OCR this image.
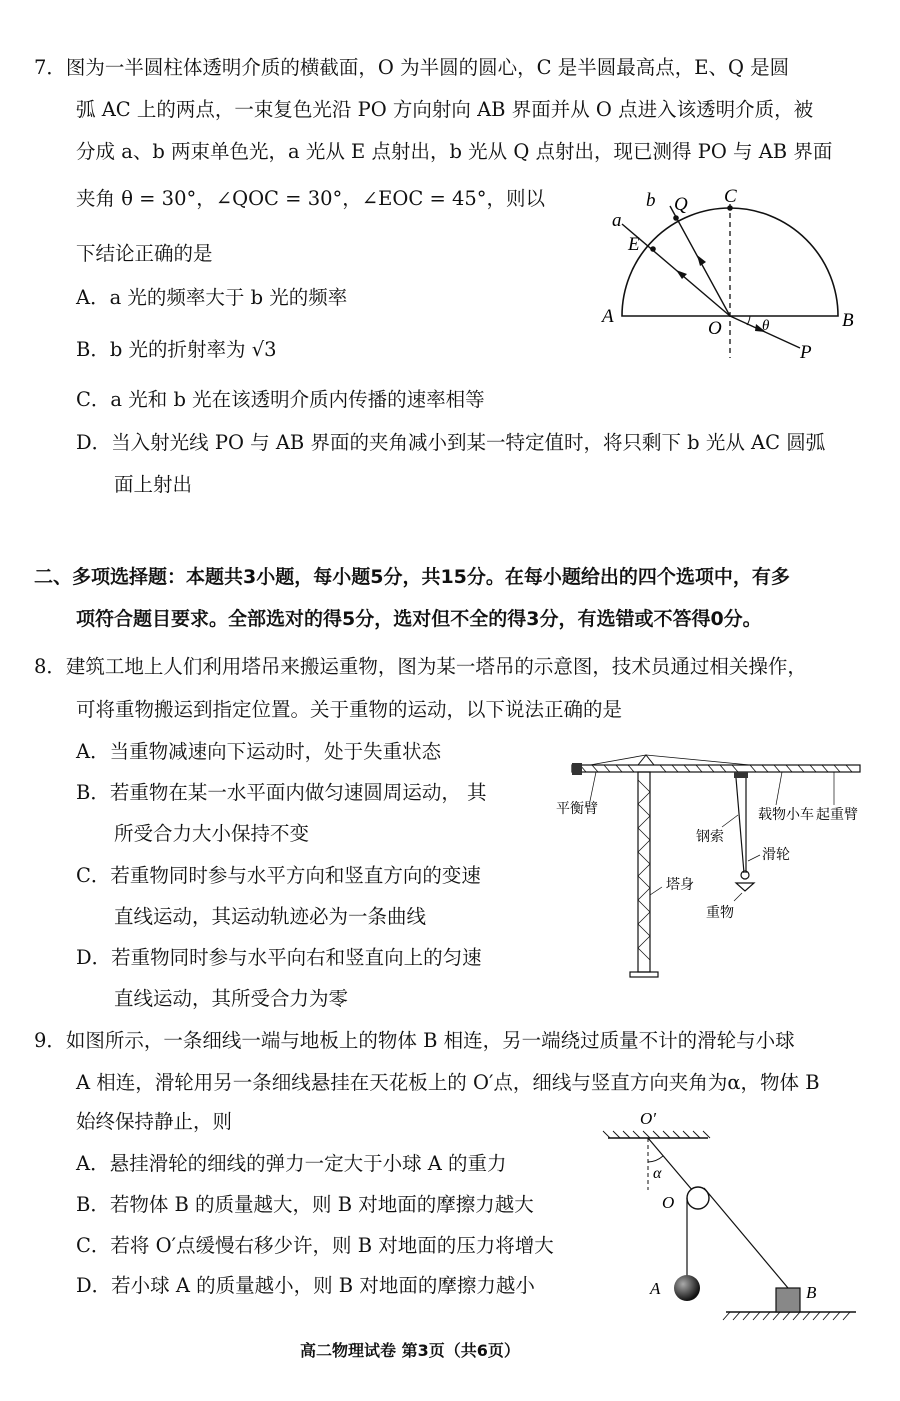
7．图为一半圆柱体透明介质的横截面，O 为半圆的圆心，C 是半圆最高点，E、Q 是圆
弧 AC 上的两点，一束复色光沿 PO 方向射向 AB 界面并从 O 点进入该透明介质，被
分成 a、b 两束单色光，a 光从 E 点射出，b 光从 Q 点射出，现已测得 PO 与 AB 界面
夹角 θ = 30°，∠QOC = 30°，∠EOC = 45°，则以
下结论正确的是
A．a 光的频率大于 b 光的频率
B．b 光的折射率为 √3
C．a 光和 b 光在该透明介质内传播的速率相等
D．当入射光线 PO 与 AB 界面的夹角减小到某一特定值时，将只剩下 b 光从 AC 圆弧
面上射出
a
b Q C
E
A
O	B
P
θ
二、多项选择题：本题共3小题，每小题5分，共15分。在每小题给出的四个选项中，有多
项符合题目要求。全部选对的得5分，选对但不全的得3分，有选错或不答得0分。
8．建筑工地上人们利用塔吊来搬运重物，图为某一塔吊的示意图，技术员通过相关操作，
可将重物搬运到指定位置。关于重物的运动，以下说法正确的是
A．当重物减速向下运动时，处于失重状态
B．若重物在某一水平面内做匀速圆周运动， 其
所受合力大小保持不变
C．若重物同时参与水平方向和竖直方向的变速
直线运动，其运动轨迹必为一条曲线
D．若重物同时参与水平向右和竖直向上的匀速
直线运动，其所受合力为零
平衡臂	载物小车 起重臂
钢索
滑轮
塔身
重物
9．如图所示，一条细线一端与地板上的物体 B 相连，另一端绕过质量不计的滑轮与小球
A 相连，滑轮用另一条细线悬挂在天花板上的 O′点，细线与竖直方向夹角为α，物体 B
始终保持静止，则
A．悬挂滑轮的细线的弹力一定大于小球 A 的重力
B．若物体 B 的质量越大，则 B 对地面的摩擦力越大
C．若将 O′点缓慢右移少许，则 B 对地面的压力将增大
D．若小球 A 的质量越小，则 B 对地面的摩擦力越小
O′
α
O
A	B
高二物理试卷 第3页（共6页）
